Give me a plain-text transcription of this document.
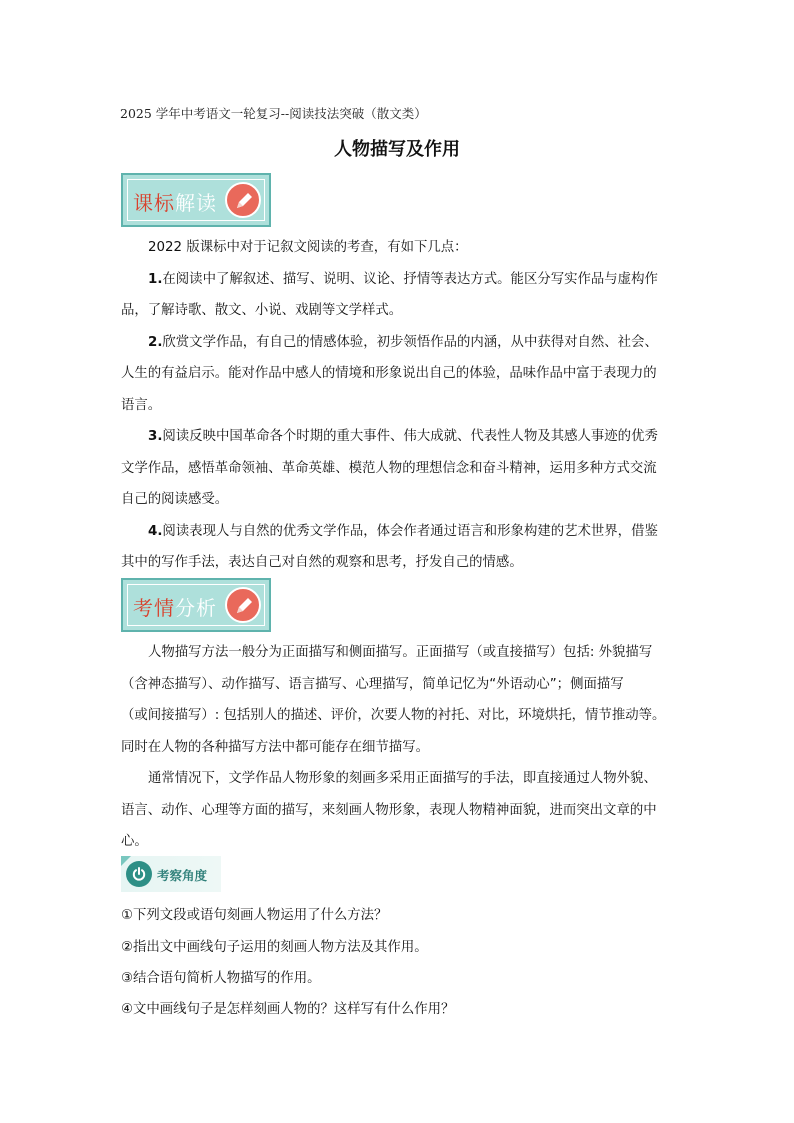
2025 学年中考语文一轮复习--阅读技法突破（散文类）
人物描写及作用
课标解读
2022 版课标中对于记叙文阅读的考查，有如下几点：
1.在阅读中了解叙述、描写、说明、议论、抒情等表达方式。能区分写实作品与虚构作
品，了解诗歌、散文、小说、戏剧等文学样式。
2.欣赏文学作品，有自己的情感体验，初步领悟作品的内涵，从中获得对自然、社会、
人生的有益启示。能对作品中感人的情境和形象说出自己的体验，品味作品中富于表现力的
语言。
3.阅读反映中国革命各个时期的重大事件、伟大成就、代表性人物及其感人事迹的优秀
文学作品，感悟革命领袖、革命英雄、模范人物的理想信念和奋斗精神，运用多种方式交流
自己的阅读感受。
4.阅读表现人与自然的优秀文学作品，体会作者通过语言和形象构建的艺术世界，借鉴
其中的写作手法，表达自己对自然的观察和思考，抒发自己的情感。
考情分析
人物描写方法一般分为正面描写和侧面描写。正面描写（或直接描写）包括: 外貌描写
（含神态描写）、动作描写、语言描写、心理描写，简单记忆为“外语动心”；侧面描写
（或间接描写）: 包括别人的描述、评价，次要人物的衬托、对比，环境烘托，情节推动等。
同时在人物的各种描写方法中都可能存在细节描写。
通常情况下，文学作品人物形象的刻画多采用正面描写的手法，即直接通过人物外貌、
语言、动作、心理等方面的描写，来刻画人物形象，表现人物精神面貌，进而突出文章的中
心。
考察角度
①下列文段或语句刻画人物运用了什么方法？
②指出文中画线句子运用的刻画人物方法及其作用。
③结合语句简析人物描写的作用。
④文中画线句子是怎样刻画人物的？这样写有什么作用？
